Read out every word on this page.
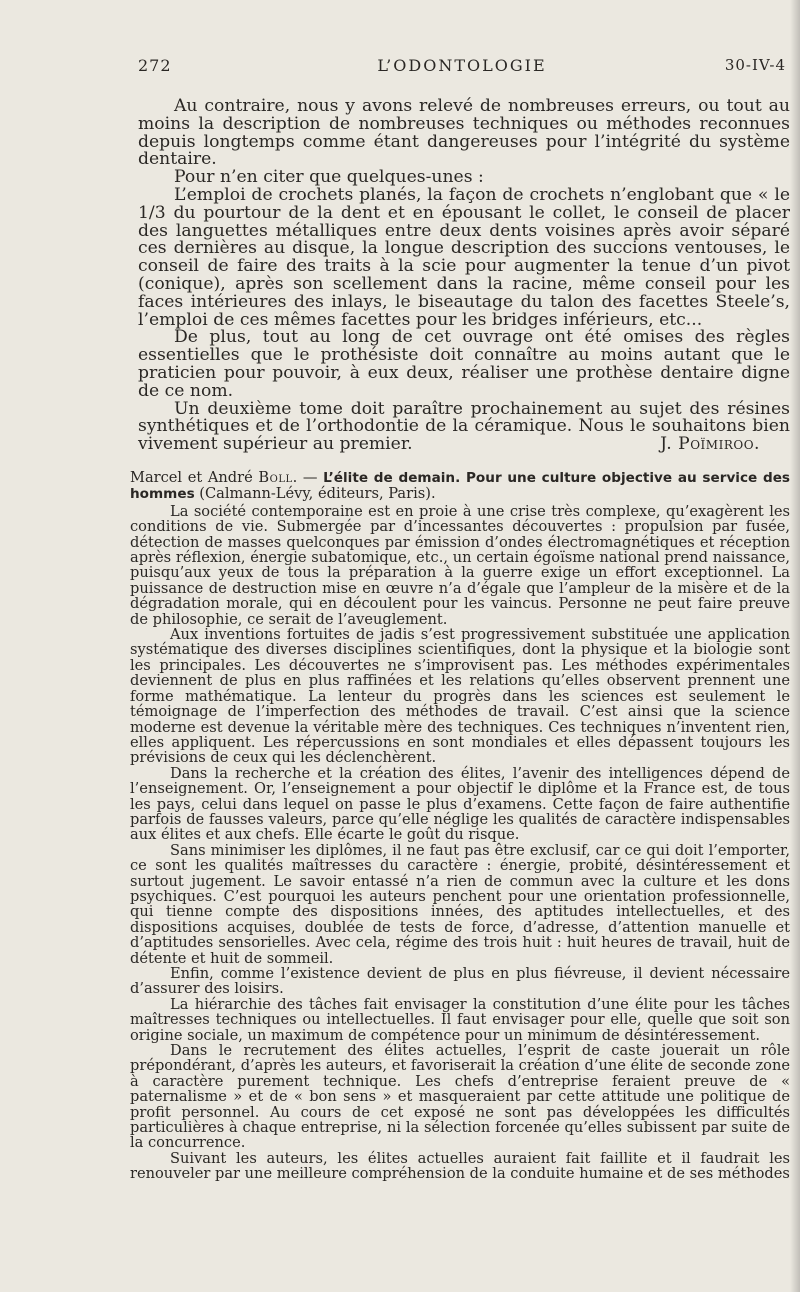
272	L’ODONTOLOGIE	30-IV-4

Au contraire, nous y avons relevé de nombreuses erreurs, ou tout au moins la description de nombreuses techniques ou méthodes reconnues depuis longtemps comme étant dangereuses pour l’intégrité du système dentaire.

Pour n’en citer que quelques-unes :

L’emploi de crochets planés, la façon de crochets n’englobant que « le 1/3 du pourtour de la dent et en épousant le collet, le conseil de placer des languettes métalliques entre deux dents voisines après avoir séparé ces dernières au disque, la longue description des succions ventouses, le conseil de faire des traits à la scie pour augmenter la tenue d’un pivot (conique), après son scellement dans la racine, même conseil pour les faces intérieures des inlays, le biseautage du talon des facettes Steele’s, l’emploi de ces mêmes facettes pour les bridges inférieurs, etc...

De plus, tout au long de cet ouvrage ont été omises des règles essentielles que le prothésiste doit connaître au moins autant que le praticien pour pouvoir, à eux deux, réaliser une prothèse dentaire digne de ce nom.

Un deuxième tome doit paraître prochainement au sujet des résines synthétiques et de l’orthodontie de la céramique. Nous le souhaitons bien vivement supérieur au premier.	J. Poïmiroo.

Marcel et André Boll. — L’élite de demain. Pour une culture objective au service des hommes (Calmann-Lévy, éditeurs, Paris).

La société contemporaine est en proie à une crise très complexe, qu’exagèrent les conditions de vie. Submergée par d’incessantes découvertes : propulsion par fusée, détection de masses quelconques par émission d’ondes électromagnétiques et réception après réflexion, énergie subatomique, etc., un certain égoïsme national prend naissance, puisqu’aux yeux de tous la préparation à la guerre exige un effort exceptionnel. La puissance de destruction mise en œuvre n’a d’égale que l’ampleur de la misère et de la dégradation morale, qui en découlent pour les vaincus. Personne ne peut faire preuve de philosophie, ce serait de l’aveuglement.

Aux inventions fortuites de jadis s’est progressivement substituée une application systématique des diverses disciplines scientifiques, dont la physique et la biologie sont les principales. Les découvertes ne s’improvisent pas. Les méthodes expérimentales deviennent de plus en plus raffinées et les relations qu’elles observent prennent une forme mathématique. La lenteur du progrès dans les sciences est seulement le témoignage de l’imperfection des méthodes de travail. C’est ainsi que la science moderne est devenue la véritable mère des techniques. Ces techniques n’inventent rien, elles appliquent. Les répercussions en sont mondiales et elles dépassent toujours les prévisions de ceux qui les déclenchèrent.

Dans la recherche et la création des élites, l’avenir des intelligences dépend de l’enseignement. Or, l’enseignement a pour objectif le diplôme et la France est, de tous les pays, celui dans lequel on passe le plus d’examens. Cette façon de faire authentifie parfois de fausses valeurs, parce qu’elle néglige les qualités de caractère indispensables aux élites et aux chefs. Elle écarte le goût du risque.

Sans minimiser les diplômes, il ne faut pas être exclusif, car ce qui doit l’emporter, ce sont les qualités maîtresses du caractère : énergie, probité, désintéressement et surtout jugement. Le savoir entassé n’a rien de commun avec la culture et les dons psychiques. C’est pourquoi les auteurs penchent pour une orientation professionnelle, qui tienne compte des dispositions innées, des aptitudes intellectuelles, et des dispositions acquises, doublée de tests de force, d’adresse, d’attention manuelle et d’aptitudes sensorielles. Avec cela, régime des trois huit : huit heures de travail, huit de détente et huit de sommeil.

Enfin, comme l’existence devient de plus en plus fiévreuse, il devient nécessaire d’assurer des loisirs.

La hiérarchie des tâches fait envisager la constitution d’une élite pour les tâches maîtresses techniques ou intellectuelles. Il faut envisager pour elle, quelle que soit son origine sociale, un maximum de compétence pour un minimum de désintéressement.

Dans le recrutement des élites actuelles, l’esprit de caste jouerait un rôle prépondérant, d’après les auteurs, et favoriserait la création d’une élite de seconde zone à caractère purement technique. Les chefs d’entreprise feraient preuve de « paternalisme » et de « bon sens » et masqueraient par cette attitude une politique de profit personnel. Au cours de cet exposé ne sont pas développées les difficultés particulières à chaque entreprise, ni la sélection forcenée qu’elles subissent par suite de la concurrence.

Suivant les auteurs, les élites actuelles auraient fait faillite et il faudrait les renouveler par une meilleure compréhension de la conduite humaine et de ses méthodes
